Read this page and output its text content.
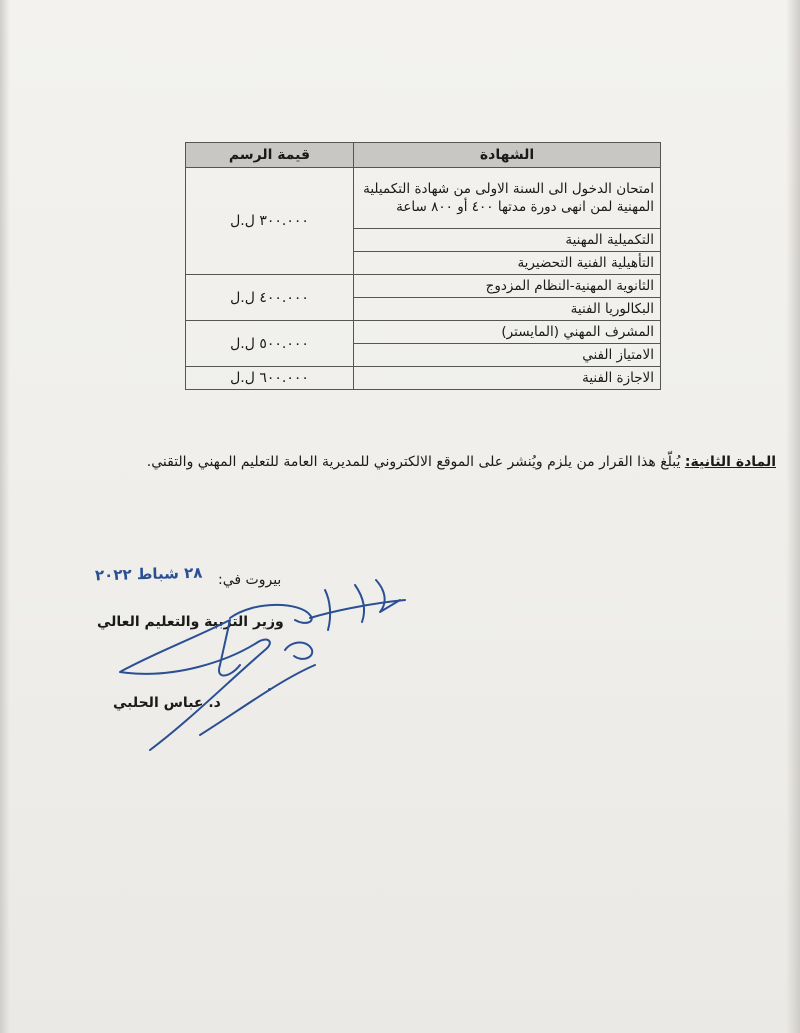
الشهادة	قيمة الرسم
امتحان الدخول الى السنة الاولى من شهادة التكميلية المهنية لمن انهى دورة مدتها ٤٠٠ أو ٨٠٠ ساعة	٣٠٠.٠٠٠ ل.ل
التكميلية المهنية	
التأهيلية الفنية التحضيرية	
الثانوية المهنية-النظام المزدوج	٤٠٠.٠٠٠ ل.ل
البكالوريا الفنية	
المشرف المهني (المايستر)	٥٠٠.٠٠٠ ل.ل
الامتياز الفني	
الاجازة الفنية	٦٠٠.٠٠٠ ل.ل
المادة الثانية: يُبلّغ هذا القرار من يلزم ويُنشر على الموقع الالكتروني للمديرية العامة للتعليم المهني والتقني.
٢٨ شباط ٢٠٢٢ بيروت في:
وزير التربية والتعليم العالي
د. عباس الحلبي
